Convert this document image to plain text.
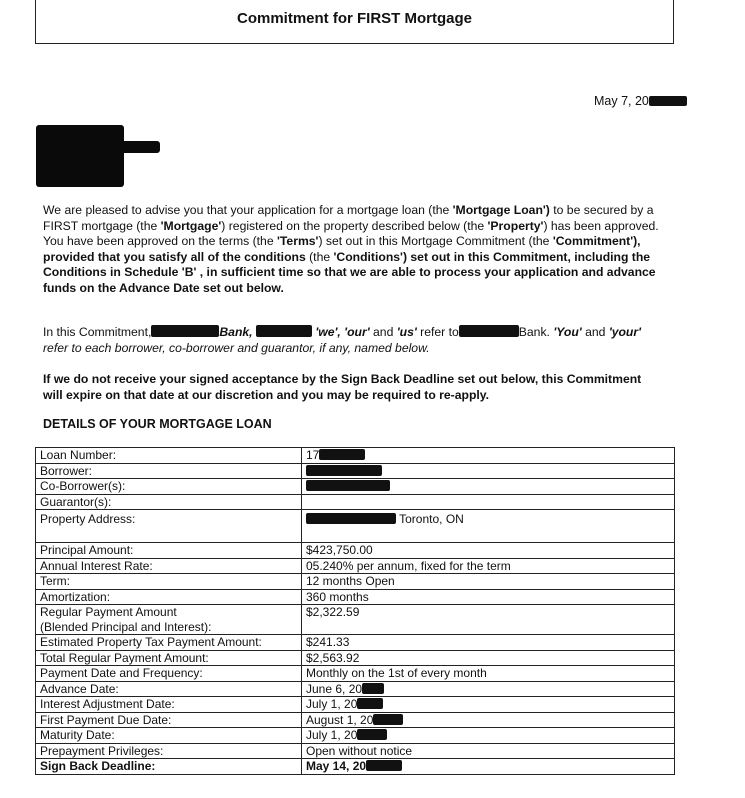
Commitment for FIRST Mortgage
May 7, 20
We are pleased to advise you that your application for a mortgage loan (the 'Mortgage Loan') to be secured by a FIRST mortgage (the 'Mortgage') registered on the property described below (the 'Property') has been approved. You have been approved on the terms (the 'Terms') set out in this Mortgage Commitment (the 'Commitment'), provided that you satisfy all of the conditions (the 'Conditions') set out in this Commitment, including the Conditions in Schedule 'B' , in sufficient time so that we are able to process your application and advance funds on the Advance Date set out below.
In this Commitment,	Bank,	'we', 'our' and 'us' refer to	Bank. 'You' and 'your' refer to each borrower, co-borrower and guarantor, if any, named below.
If we do not receive your signed acceptance by the Sign Back Deadline set out below, this Commitment will expire on that date at our discretion and you may be required to re-apply.
DETAILS OF YOUR MORTGAGE LOAN
Loan Number:	17
Borrower:	
Co-Borrower(s):	
Guarantor(s):	
Property Address:	Toronto, ON
Principal Amount:	$423,750.00
Annual Interest Rate:	05.240% per annum, fixed for the term
Term:	12 months Open
Amortization:	360 months
Regular Payment Amount
(Blended Principal and Interest):	$2,322.59
Estimated Property Tax Payment Amount:	$241.33
Total Regular Payment Amount:	$2,563.92
Payment Date and Frequency:	Monthly on the 1st of every month
Advance Date:	June 6, 20
Interest Adjustment Date:	July 1, 20
First Payment Due Date:	August 1, 20
Maturity Date:	July 1, 20
Prepayment Privileges:	Open without notice
Sign Back Deadline:	May 14, 20
